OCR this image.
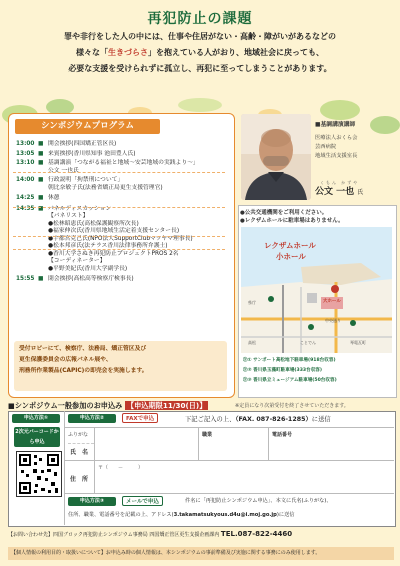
再犯防止の課題
罪や非行をした人の中には、仕事や住居がない・高齢・障がいがあるなどの
様々な「生きづらさ」を抱えている人がおり、地域社会に戻っても、
必要な支援を受けられずに孤立し、再犯に至ってしまうことがあります。
シンポジウムプログラム
13:00 ■ 開会挨拶(四国矯正管区長)
13:05 ■ 来賓挨拶(香川県知事 池田豊人氏)
13:10 ■ 基調講演「つながる福祉と地域～安芸地域の実践より～」
公文 一也氏
14:00 ■ 行政説明「拘禁刑について」
朝比奈敏子氏(法務省矯正局更生支援管理官)
14:25 ■ 休憩
14:35 ■ パネルディスカッション
【パネリスト】
●松林昭恵氏(高松保護観察所次長)
●福家伸次氏(香川県地域生活定着支援センター長)
●宇都宮克己氏(NPO法人SupportClubマツヤマ理事長)
●松本邦彦氏(法テラス香川法律事務所弁護士)
●香川大学さぬき再犯防止プロジェクトPROS 2名
【コーディネーター】
●平野美紀氏(香川大学副学長)
15:55 ■ 閉会挨拶(高松高等検察庁検事長)
受付ロビーにて、検察庁、法務局、矯正管区及び
更生保護委員会の広報パネル展や、
刑務所作業製品(CAPIC)の即売会を実施します。
■基調講演講師
医療法人おくら会
芸西病院
地域生活支援室長
くもん かずや
公文 一也 氏
●公共交通機関をご利用ください。
●レクザムホールに駐車場はありません。
レクザムホール
小ホール
大ホール
中央通り
県庁
高松	琴電瓦町
ことでん
Ⓟ① サンポート高松地下駐車場(918台収容)
Ⓟ② 香川県玉藻町駐車場(333台収容)
Ⓟ③ 香川県立ミュージアム駐車場(50台収容)
■シンポジウム一般参加のお申込み 【申込期限11/30(日)】	※定員になり次第受付を終了させていただきます。
申込方法①
2次元バーコードから申込
申込方法②	FAXで申込	下記ご記入の上、（FAX. 087-826-1285）に送信
ふりがな
氏　名
職業	電話番号
住　所
〒（　　－　　　）
申込方法③	メールで申込	件名に「再犯防止シンポジウム申込」、本文に氏名(ふりがな)、
住所、職業、電話番号を記載の上、アドレス(3.takamatsukyous.d4u@i.moj.go.jp)に送信
【お問い合わせ先】四国ブロック再犯防止シンポジウム事務局 四国矯正管区更生支援企画課内 TEL.087-822-4460
【個人情報の利用目的・取扱いについて】お申込み時の個人情報は、本シンポジウムの事前準備及び実施に関する事務にのみ使用します。
